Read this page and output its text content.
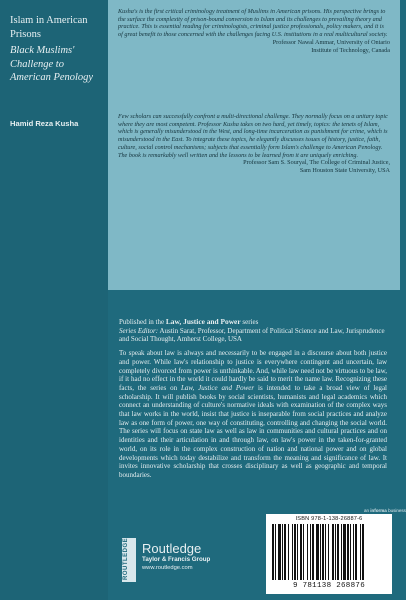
Islam in American Prisons
Black Muslims' Challenge to American Penology
Hamid Reza Kusha
Kusha's is the first critical criminology treatment of Muslims in American prisons. His perspective brings to the surface the complexity of prison-bound conversion to Islam and its challenges to prevailing theory and practice. This is essential reading for criminologists, criminal justice professionals, policy makers, and it is of great benefit to those concerned with the challenges facing U.S. institutions in a real multicultural society.
Professor Nawal Ammar, University of Ontario
Institute of Technology, Canada
Few scholars can successfully confront a multi-directional challenge. They normally focus on a unitary topic where they are most competent. Professor Kusha takes on two hard, yet timely, topics: the tenets of Islam, which is generally misunderstood in the West, and long-time incarceration as punishment for crime, which is misunderstood in the East. To integrate these topics, he elegantly discusses issues of history, justice, faith, culture, social control mechanisms; subjects that essentially form Islam's challenge to American Penology. The book is remarkably well written and the lessons to be learned from it are uniquely enriching.
Professor Sam S. Souryal, The College of Criminal Justice,
Sam Houston State University, USA

Published in the Law, Justice and Power series

Series Editor: Austin Sarat, Professor, Department of Political Science and Law, Jurisprudence and Social Thought, Amherst College, USA

To speak about law is always and necessarily to be engaged in a discourse about both justice and power. While law's relationship to justice is everywhere contingent and uncertain, law completely divorced from power is unthinkable. And, while law need not be virtuous to be law, if it had no effect in the world it could hardly be said to merit the name law. Recognizing these facts, the series on Law, Justice and Power is intended to take a broad view of legal scholarship. It will publish books by social scientists, humanists and legal academics which connect an understanding of culture's normative ideals with examination of the complex ways that law works in the world, insist that justice is inseparable from social practices and analyze law as one form of power, one way of constituting, controlling and changing the social world. The series will focus on state law as well as law in communities and cultural practices and on identities and their articulation in and through law, on law's power in the taken-for-granted world, on its role in the complex construction of nation and national power and on global developments which today destabilize and transform the meaning and significance of law. It invites innovative scholarship that crosses disciplinary as well as geographic and temporal boundaries.

an informa business
ROUTLEDGE Routledge
Taylor & Francis Group
www.routledge.com
ISBN 978-1-138-26887-6
9 781138 268876
